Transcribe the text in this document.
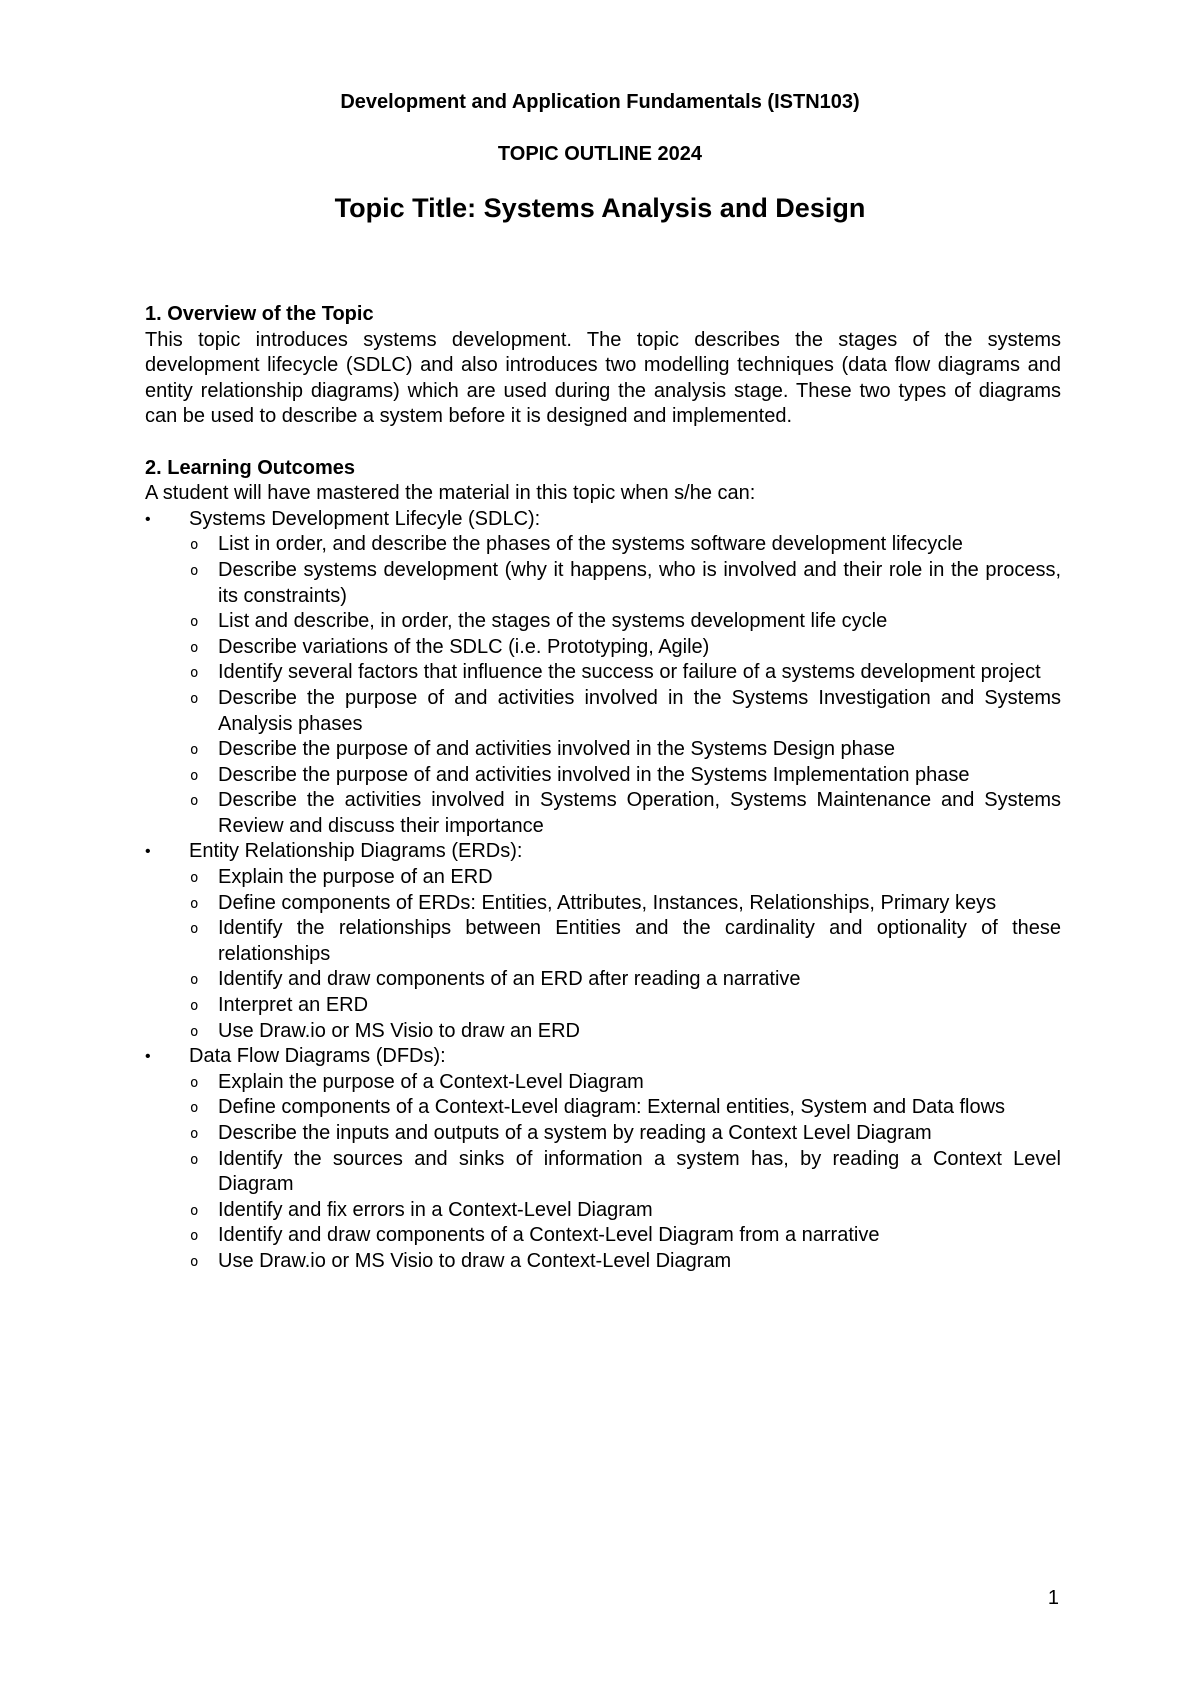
Development and Application Fundamentals (ISTN103)
TOPIC OUTLINE 2024
Topic Title: Systems Analysis and Design

1. Overview of the Topic

This topic introduces systems development. The topic describes the stages of the systems development lifecycle (SDLC) and also introduces two modelling techniques (data flow diagrams and entity relationship diagrams) which are used during the analysis stage. These two types of diagrams can be used to describe a system before it is designed and implemented.

2. Learning Outcomes

A student will have mastered the material in this topic when s/he can:

• Systems Development Lifecyle (SDLC):
o List in order, and describe the phases of the systems software development lifecycle
o Describe systems development (why it happens, who is involved and their role in the process, its constraints)
o List and describe, in order, the stages of the systems development life cycle
o Describe variations of the SDLC (i.e. Prototyping, Agile)
o Identify several factors that influence the success or failure of a systems development project
o Describe the purpose of and activities involved in the Systems Investigation and Systems Analysis phases
o Describe the purpose of and activities involved in the Systems Design phase
o Describe the purpose of and activities involved in the Systems Implementation phase
o Describe the activities involved in Systems Operation, Systems Maintenance and Systems Review and discuss their importance
• Entity Relationship Diagrams (ERDs):
o Explain the purpose of an ERD
o Define components of ERDs: Entities, Attributes, Instances, Relationships, Primary keys
o Identify the relationships between Entities and the cardinality and optionality of these relationships
o Identify and draw components of an ERD after reading a narrative
o Interpret an ERD
o Use Draw.io or MS Visio to draw an ERD
• Data Flow Diagrams (DFDs):
o Explain the purpose of a Context-Level Diagram
o Define components of a Context-Level diagram: External entities, System and Data flows
o Describe the inputs and outputs of a system by reading a Context Level Diagram
o Identify the sources and sinks of information a system has, by reading a Context Level Diagram
o Identify and fix errors in a Context-Level Diagram
o Identify and draw components of a Context-Level Diagram from a narrative
o Use Draw.io or MS Visio to draw a Context-Level Diagram
1
